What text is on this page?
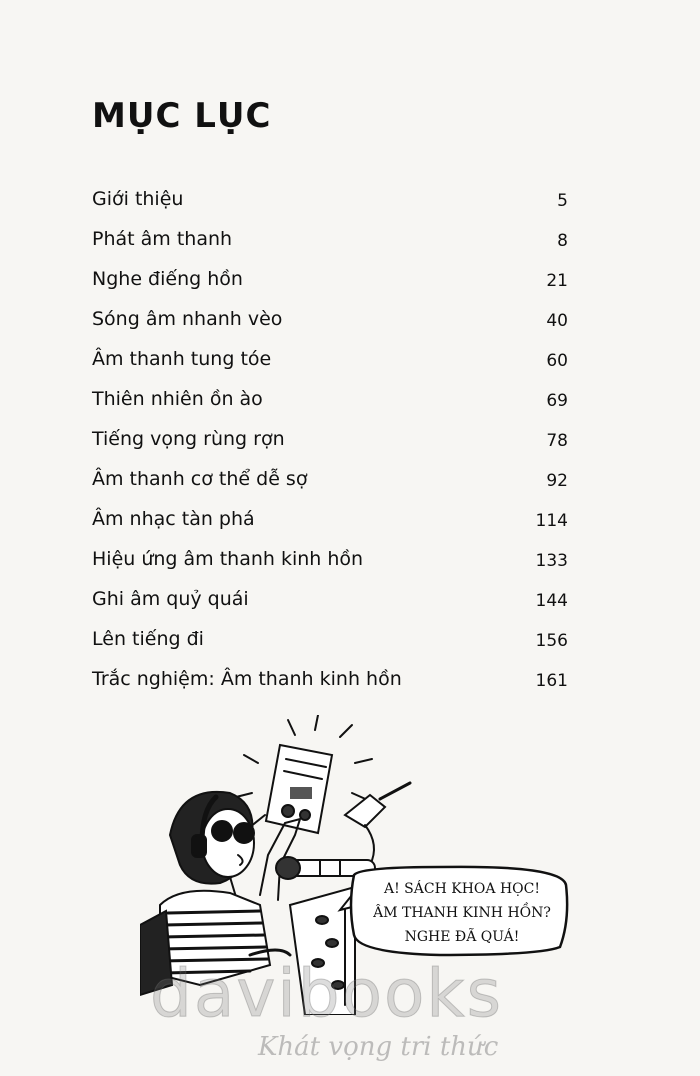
MỤC LỤC
Giới thiệu	5
Phát âm thanh	8
Nghe điếng hồn	21
Sóng âm nhanh vèo	40
Âm thanh tung tóe	60
Thiên nhiên ồn ào	69
Tiếng vọng rùng rợn	78
Âm thanh cơ thể dễ sợ	92
Âm nhạc tàn phá	114
Hiệu ứng âm thanh kinh hồn	133
Ghi âm quỷ quái	144
Lên tiếng đi	156
Trắc nghiệm: Âm thanh kinh hồn	161
A! SÁCH KHOA HỌC!
ÂM THANH KINH HỒN?
NGHE ĐÃ QUÁ!
davibooks
Khát vọng tri thức
